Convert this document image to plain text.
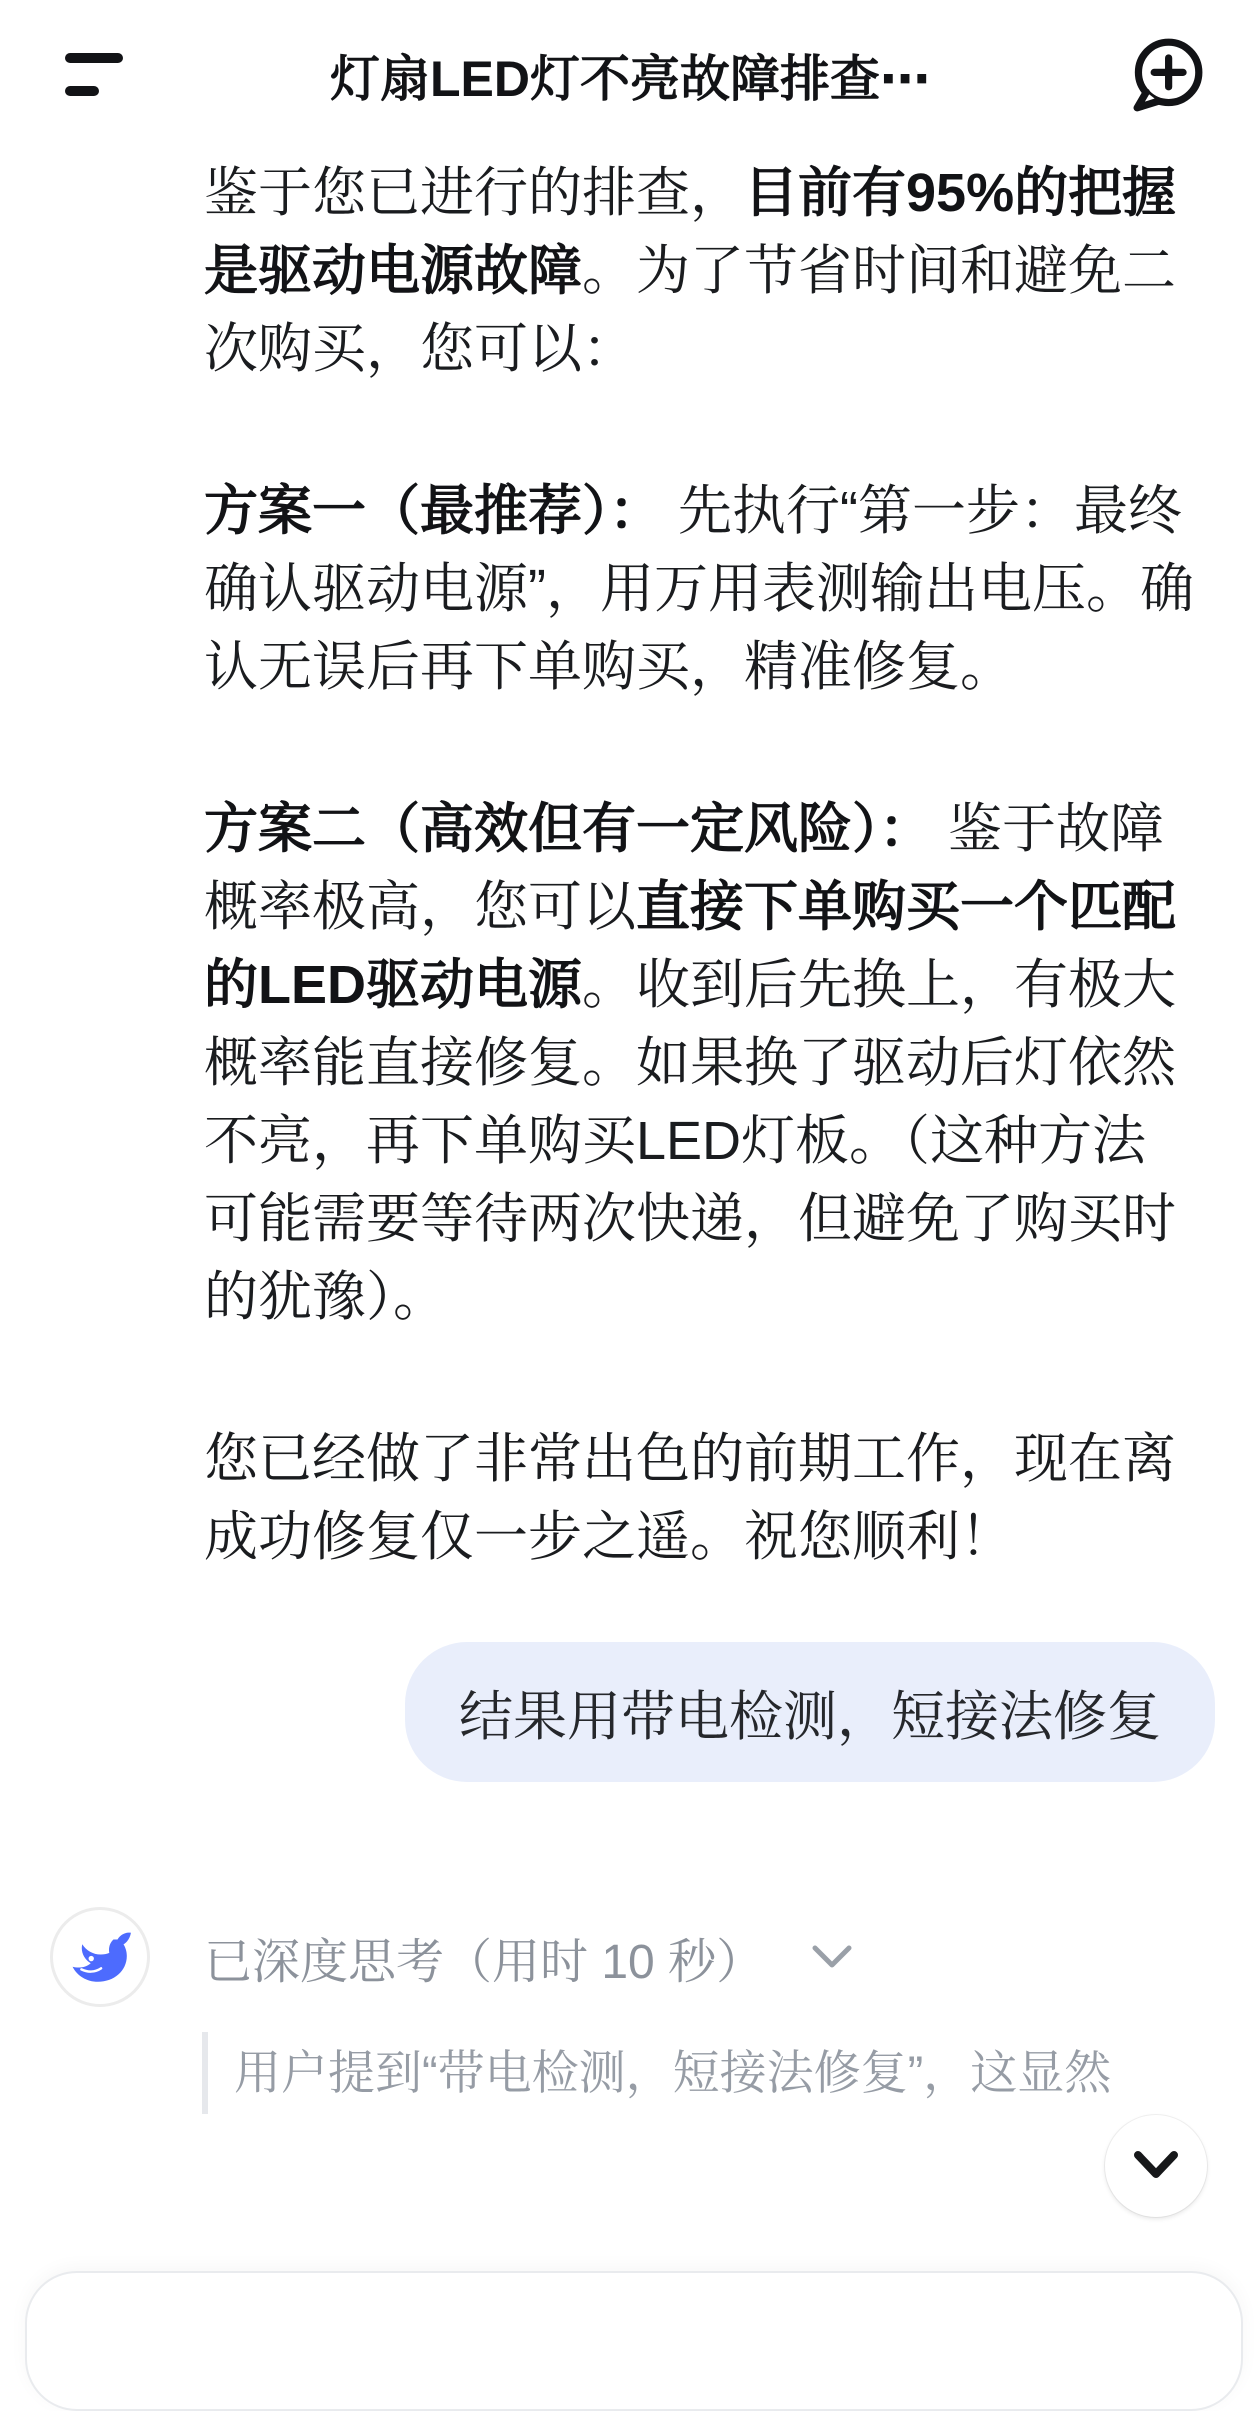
灯扇LED灯不亮故障排查⋯

鉴于您已进行的排查，目前有95%的把握是驱动电源故障。为了节省时间和避免二次购买，您可以：

方案一（最推荐）： 先执行“第一步：最终确认驱动电源”，用万用表测输出电压。确认无误后再下单购买，精准修复。

方案二（高效但有一定风险）： 鉴于故障概率极高，您可以直接下单购买一个匹配的LED驱动电源。收到后先换上，有极大概率能直接修复。如果换了驱动后灯依然不亮，再下单购买LED灯板。（这种方法可能需要等待两次快递，但避免了购买时的犹豫）。

您已经做了非常出色的前期工作，现在离成功修复仅一步之遥。祝您顺利！

结果用带电检测，短接法修复
已深度思考（用时 10 秒）
用户提到“带电检测，短接法修复”，这显然
